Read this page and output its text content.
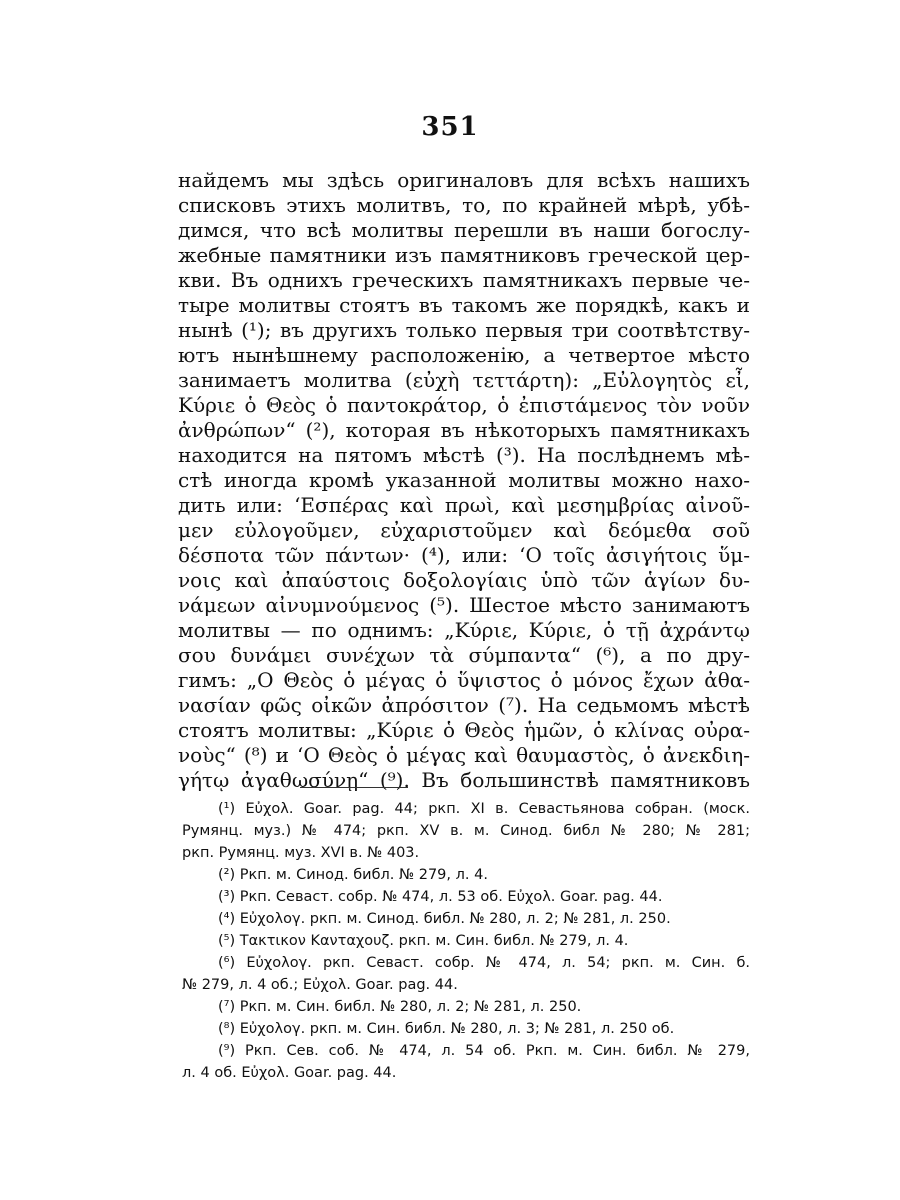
351
найдемъ мы здѣсь оригиналовъ для всѣхъ нашихъ
списковъ этихъ молитвъ, то, по крайней мѣрѣ, убѣ-
димся, что всѣ молитвы перешли въ наши богослу-
жебные памятники изъ памятниковъ греческой цер-
кви. Въ однихъ греческихъ памятникахъ первые че-
тыре молитвы стоятъ въ такомъ же порядкѣ, какъ и
нынѣ (¹); въ другихъ только первыя три соотвѣтству-
ютъ нынѣшнему расположенію, а четвертое мѣсто
занимаетъ молитва (εὐχὴ τεττάρτη): „Εὐλογητὸς εἶ,
Κύριε ὁ Θεὸς ὁ παντοκράτορ, ὁ ἐπιστάμενος τὸν νοῦν
ἀνθρώπων“ (²), которая въ нѣкоторыхъ памятникахъ
находится на пятомъ мѣстѣ (³). На послѣднемъ мѣ-
стѣ иногда кромѣ указанной молитвы можно нахо-
дить или: ‘Εσπέρας καὶ πρωὶ, καὶ μεσημβρίας αἰνοῦ-
μεν εὐλογοῦμεν, εὐχαριστοῦμεν καὶ δεόμεθα σοῦ
δέσποτα τῶν πάντων· (⁴), или: ‘Ο τοῖς ἀσιγήτοις ὕμ-
νοις καὶ ἀπαύστοις δοξολογίαις ὑπὸ τῶν ἁγίων δυ-
νάμεων αἰνυμνούμενος (⁵). Шестое мѣсто занимаютъ
молитвы — по однимъ: „Κύριε, Κύριε, ὁ τῇ ἀχράντῳ
σου δυνάμει συνέχων τὰ σύμπαντα“ (⁶), а по дру-
гимъ: „Ο Θεὸς ὁ μέγας ὁ ὕψιστος ὁ μόνος ἔχων ἀθα-
νασίαν φῶς οἰκῶν ἀπρόσιτον (⁷). На седьмомъ мѣстѣ
стоятъ молитвы: „Κύριε ὁ Θεὸς ἡμῶν, ὁ κλίνας οὐρα-
νοὺς“ (⁸) и ‘Ο Θεὸς ὁ μέγας καὶ θαυμαστὸς, ὁ ἀνεκδιη-
γήτῳ ἀγαθωσύνῃ“ (⁹). Въ большинствѣ памятниковъ
(¹) Εὐχολ. Goar. pag. 44; ркп. XI в. Севастьянова собран. (моск.
Румянц. муз.) № 474; ркп. XV в. м. Синод. библ № 280; № 281;
ркп. Румянц. муз. XVI в. № 403.
(²) Ркп. м. Синод. библ. № 279, л. 4.
(³) Ркп. Севаст. собр. № 474, л. 53 об. Εὐχολ. Goar. pag. 44.
(⁴) Εὐχολογ. ркп. м. Синод. библ. № 280, л. 2; № 281, л. 250.
(⁵) Τακτικον Κανταχουζ. ркп. м. Син. библ. № 279, л. 4.
(⁶) Εὐχολογ. ркп. Севаст. собр. № 474, л. 54; ркп. м. Син. б.
№ 279, л. 4 об.; Εὐχολ. Goar. pag. 44.
(⁷) Ркп. м. Син. библ. № 280, л. 2; № 281, л. 250.
(⁸) Εὐχολογ. ркп. м. Син. библ. № 280, л. 3; № 281, л. 250 об.
(⁹) Ркп. Сев. соб. № 474, л. 54 об. Ркп. м. Син. библ. № 279,
л. 4 об. Εὐχολ. Goar. pag. 44.
